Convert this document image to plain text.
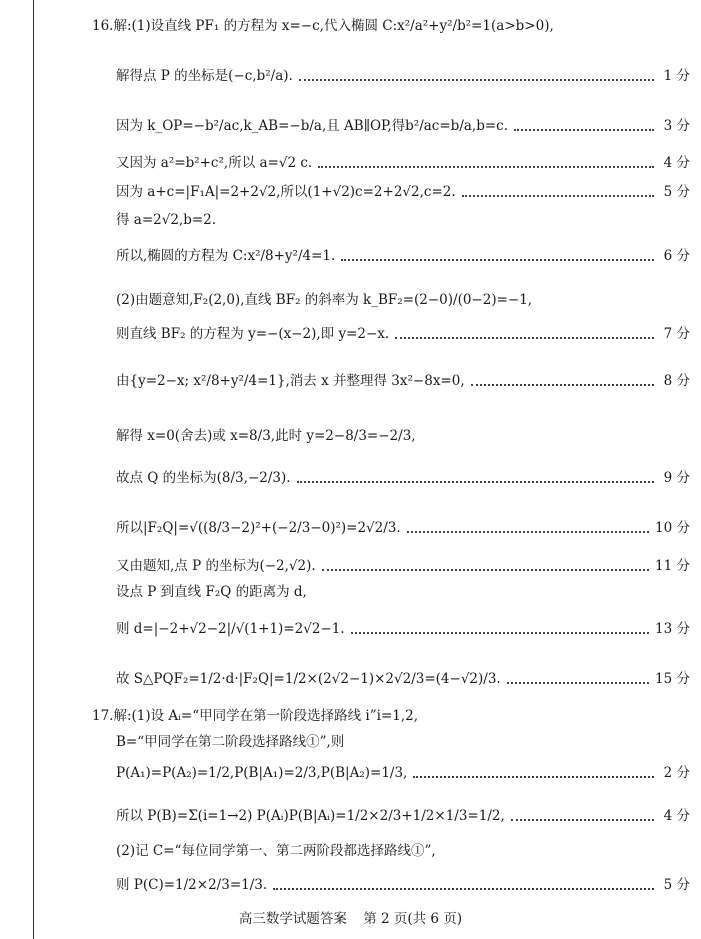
16.解:(1)设直线 PF₁ 的方程为 x=−c,代入椭圆 C:x²/a²+y²/b²=1(a>b>0),
解得点 P 的坐标是(−c,b²/a).	1 分
因为 k_OP=−b²/ac,k_AB=−b/a,且 AB∥OP,得b²/ac=b/a,b=c.	3 分
又因为 a²=b²+c²,所以 a=√2 c.	4 分
因为 a+c=|F₁A|=2+2√2,所以(1+√2)c=2+2√2,c=2.	5 分
得 a=2√2,b=2.
所以,椭圆的方程为 C:x²/8+y²/4=1.	6 分
(2)由题意知,F₂(2,0),直线 BF₂ 的斜率为 k_BF₂=(2−0)/(0−2)=−1,
则直线 BF₂ 的方程为 y=−(x−2),即 y=2−x.	7 分
由{y=2−x; x²/8+y²/4=1},消去 x 并整理得 3x²−8x=0,	8 分
解得 x=0(舍去)或 x=8/3,此时 y=2−8/3=−2/3,
故点 Q 的坐标为(8/3,−2/3).	9 分
所以|F₂Q|=√((8/3−2)²+(−2/3−0)²)=2√2/3.	10 分
又由题知,点 P 的坐标为(−2,√2).	11 分
设点 P 到直线 F₂Q 的距离为 d,
则 d=|−2+√2−2|/√(1+1)=2√2−1.	13 分
故 S△PQF₂=1/2·d·|F₂Q|=1/2×(2√2−1)×2√2/3=(4−√2)/3.	15 分
17.解:(1)设 Aᵢ=“甲同学在第一阶段选择路线 i”i=1,2,
B=“甲同学在第二阶段选择路线①”,则
P(A₁)=P(A₂)=1/2,P(B|A₁)=2/3,P(B|A₂)=1/3,	2 分
所以 P(B)=Σ(i=1→2) P(Aᵢ)P(B|Aᵢ)=1/2×2/3+1/2×1/3=1/2,	4 分
(2)记 C=“每位同学第一、第二两阶段都选择路线①”,
则 P(C)=1/2×2/3=1/3.	5 分
高三数学试题答案 第 2 页(共 6 页)
